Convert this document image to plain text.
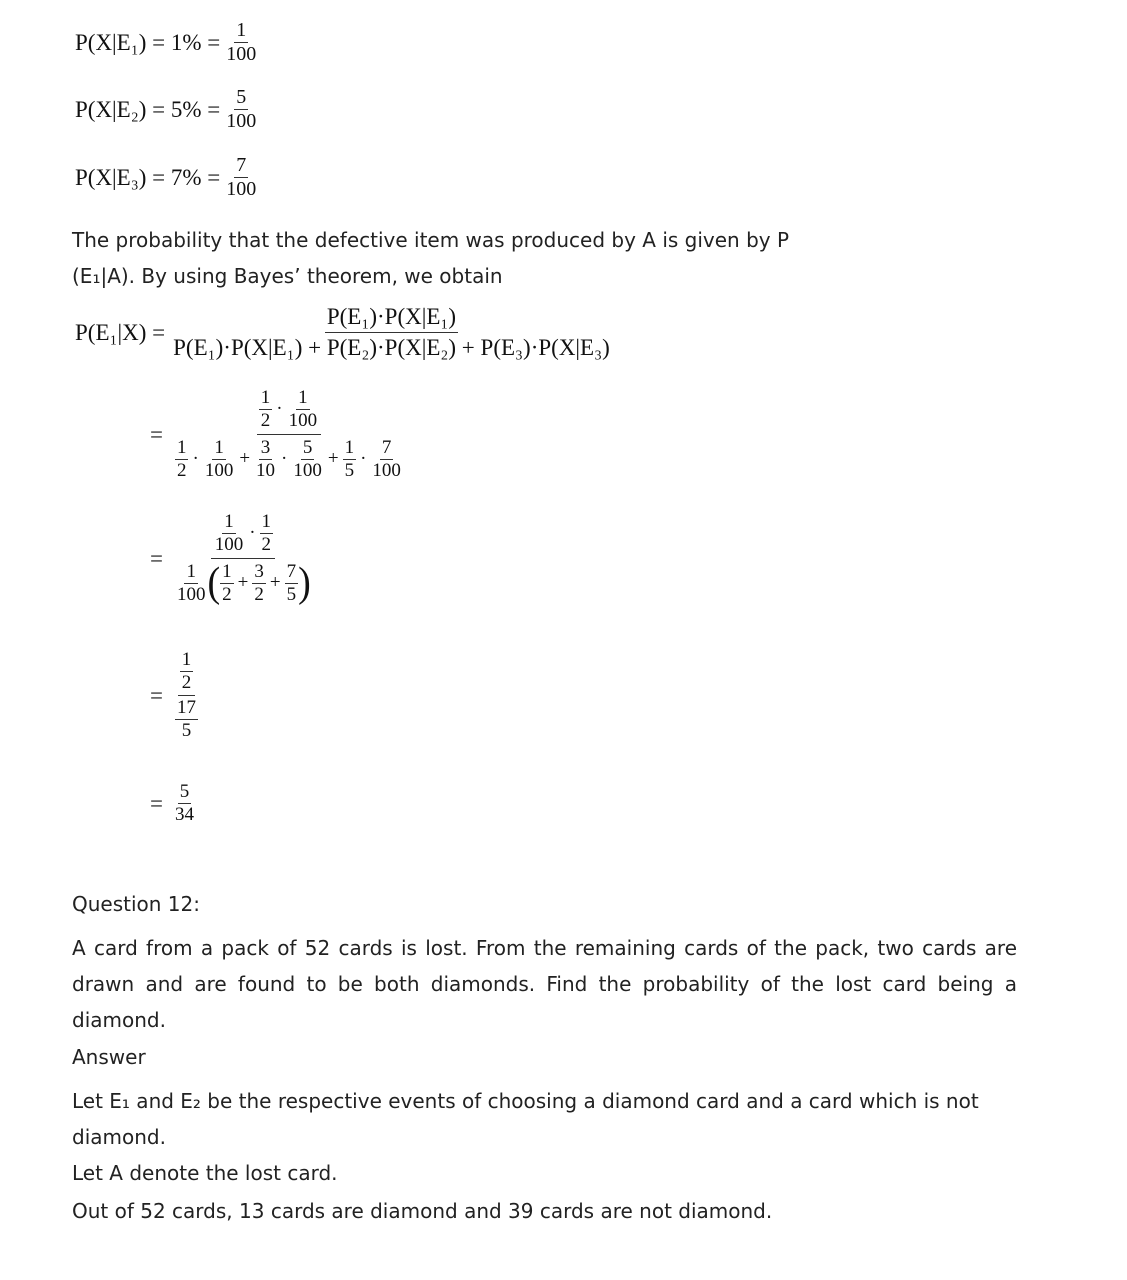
$P(X|E_1) = 1\% = \frac{1}{100}$
$P(X|E_2) = 5\% = \frac{5}{100}$
$P(X|E_3) = 7\% = \frac{7}{100}$
The probability that the defective item was produced by A is given by P
(E₁|A). By using Bayes’ theorem, we obtain
$P(E_1|X) = \frac{\text{P(E₁)·P(X|E₁)}}{\text{P(E₁)·P(X|E₁) + P(E₂)·P(X|E₂) + P(E₃)·P(X|E₃)}}$
=
$\frac{1}{2} \cdot \frac{1}{100}$
$\frac{1}{2} \cdot \frac{1}{100} + \frac{3}{10} \cdot \frac{5}{100} + \frac{1}{5} \cdot \frac{7}{100}$
=
$\frac{1}{100} \cdot \frac{1}{2}$
$\frac{1}{100}$ ( $\frac{1}{2} + \frac{3}{2} + \frac{7}{5}$ )
= $\frac{\frac{1}{2}}{\frac{17}{5}}$
= $\frac{5}{34}$
Question 12:
A card from a pack of 52 cards is lost. From the remaining cards of the pack, two cards are drawn and are found to be both diamonds. Find the probability of the lost card being a diamond.
Answer
Let E₁ and E₂ be the respective events of choosing a diamond card and a card which is not diamond.
Let A denote the lost card.
Out of 52 cards, 13 cards are diamond and 39 cards are not diamond.
